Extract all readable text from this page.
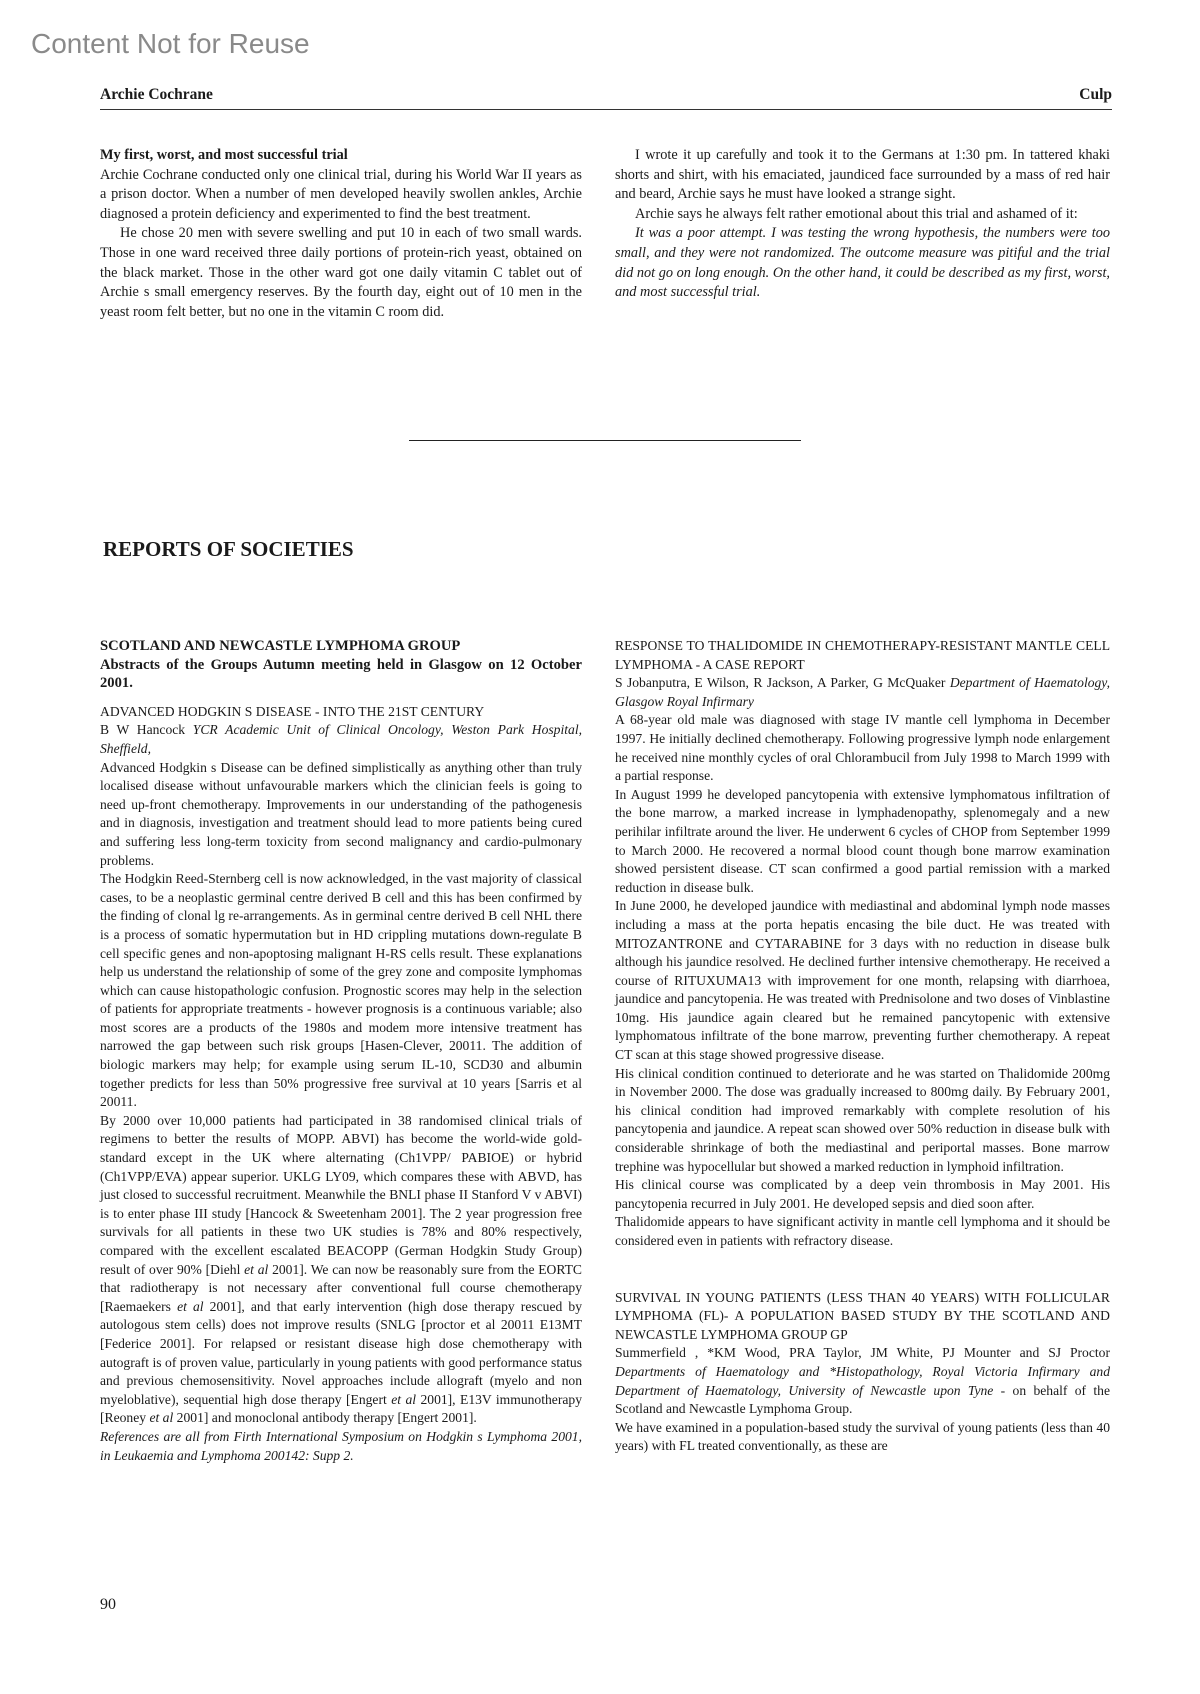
Content Not for Reuse
Archie Cochrane	Culp

My first, worst, and most successful trial

Archie Cochrane conducted only one clinical trial, during his World War II years as a prison doctor. When a number of men developed heavily swollen ankles, Archie diagnosed a protein deficiency and experimented to find the best treatment.

He chose 20 men with severe swelling and put 10 in each of two small wards. Those in one ward received three daily portions of protein-rich yeast, obtained on the black market. Those in the other ward got one daily vitamin C tablet out of Archie s small emergency reserves. By the fourth day, eight out of 10 men in the yeast room felt better, but no one in the vitamin C room did.

I wrote it up carefully and took it to the Germans at 1:30 pm. In tattered khaki shorts and shirt, with his emaciated, jaundiced face surrounded by a mass of red hair and beard, Archie says he must have looked a strange sight.

Archie says he always felt rather emotional about this trial and ashamed of it:

It was a poor attempt. I was testing the wrong hypothesis, the numbers were too small, and they were not randomized. The outcome measure was pitiful and the trial did not go on long enough. On the other hand, it could be described as my first, worst, and most successful trial.

REPORTS OF SOCIETIES

SCOTLAND AND NEWCASTLE LYMPHOMA GROUP

Abstracts of the Groups Autumn meeting held in Glasgow on 12 October 2001.

ADVANCED HODGKIN S DISEASE - INTO THE 21ST CENTURY

B W Hancock YCR Academic Unit of Clinical Oncology, Weston Park Hospital, Sheffield,

Advanced Hodgkin s Disease can be defined simplistically as anything other than truly localised disease without unfavourable markers which the clinician feels is going to need up-front chemotherapy. Improvements in our understanding of the pathogenesis and in diagnosis, investigation and treatment should lead to more patients being cured and suffering less long-term toxicity from second malignancy and cardio-pulmonary problems.

The Hodgkin Reed-Sternberg cell is now acknowledged, in the vast majority of classical cases, to be a neoplastic germinal centre derived B cell and this has been confirmed by the finding of clonal lg re-arrangements. As in germinal centre derived B cell NHL there is a process of somatic hypermutation but in HD crippling mutations down-regulate B cell specific genes and non-apoptosing malignant H-RS cells result. These explanations help us understand the relationship of some of the grey zone and composite lymphomas which can cause histopathologic confusion. Prognostic scores may help in the selection of patients for appropriate treatments - however prognosis is a continuous variable; also most scores are a products of the 1980s and modem more intensive treatment has narrowed the gap between such risk groups [Hasen-Clever, 20011. The addition of biologic markers may help; for example using serum IL-10, SCD30 and albumin together predicts for less than 50% progressive free survival at 10 years [Sarris et al 20011.

By 2000 over 10,000 patients had participated in 38 randomised clinical trials of regimens to better the results of MOPP. ABVI) has become the world-wide gold-standard except in the UK where alternating (Ch1VPP/ PABIOE) or hybrid (Ch1VPP/EVA) appear superior. UKLG LY09, which compares these with ABVD, has just closed to successful recruitment. Meanwhile the BNLI phase II Stanford V v ABVI) is to enter phase III study [Hancock & Sweetenham 2001]. The 2 year progression free survivals for all patients in these two UK studies is 78% and 80% respectively, compared with the excellent escalated BEACOPP (German Hodgkin Study Group) result of over 90% [Diehl et al 2001]. We can now be reasonably sure from the EORTC that radiotherapy is not necessary after conventional full course chemotherapy [Raemaekers et al 2001], and that early intervention (high dose therapy rescued by autologous stem cells) does not improve results (SNLG [proctor et al 20011 E13MT [Federice 2001]. For relapsed or resistant disease high dose chemotherapy with autograft is of proven value, particularly in young patients with good performance status and previous chemosensitivity. Novel approaches include allograft (myelo and non myeloblative), sequential high dose therapy [Engert et al 2001], E13V immunotherapy [Reoney et al 2001] and monoclonal antibody therapy [Engert 2001].

References are all from Firth International Symposium on Hodgkin s Lymphoma 2001, in Leukaemia and Lymphoma 200142: Supp 2.

RESPONSE TO THALIDOMIDE IN CHEMOTHERAPY-RESISTANT MANTLE CELL LYMPHOMA - A CASE REPORT

S Jobanputra, E Wilson, R Jackson, A Parker, G McQuaker Department of Haematology, Glasgow Royal Infirmary

A 68-year old male was diagnosed with stage IV mantle cell lymphoma in December 1997. He initially declined chemotherapy. Following progressive lymph node enlargement he received nine monthly cycles of oral Chlorambucil from July 1998 to March 1999 with a partial response.

In August 1999 he developed pancytopenia with extensive lymphomatous infiltration of the bone marrow, a marked increase in lymphadenopathy, splenomegaly and a new perihilar infiltrate around the liver. He underwent 6 cycles of CHOP from September 1999 to March 2000. He recovered a normal blood count though bone marrow examination showed persistent disease. CT scan confirmed a good partial remission with a marked reduction in disease bulk.

In June 2000, he developed jaundice with mediastinal and abdominal lymph node masses including a mass at the porta hepatis encasing the bile duct. He was treated with MITOZANTRONE and CYTARABINE for 3 days with no reduction in disease bulk although his jaundice resolved. He declined further intensive chemotherapy. He received a course of RITUXUMA13 with improvement for one month, relapsing with diarrhoea, jaundice and pancytopenia. He was treated with Prednisolone and two doses of Vinblastine 10mg. His jaundice again cleared but he remained pancytopenic with extensive lymphomatous infiltrate of the bone marrow, preventing further chemotherapy. A repeat CT scan at this stage showed progressive disease.

His clinical condition continued to deteriorate and he was started on Thalidomide 200mg in November 2000. The dose was gradually increased to 800mg daily. By February 2001, his clinical condition had improved remarkably with complete resolution of his pancytopenia and jaundice. A repeat scan showed over 50% reduction in disease bulk with considerable shrinkage of both the mediastinal and periportal masses. Bone marrow trephine was hypocellular but showed a marked reduction in lymphoid infiltration.

His clinical course was complicated by a deep vein thrombosis in May 2001. His pancytopenia recurred in July 2001. He developed sepsis and died soon after.

Thalidomide appears to have significant activity in mantle cell lymphoma and it should be considered even in patients with refractory disease.

SURVIVAL IN YOUNG PATIENTS (LESS THAN 40 YEARS) WITH FOLLICULAR LYMPHOMA (FL)- A POPULATION BASED STUDY BY THE SCOTLAND AND NEWCASTLE LYMPHOMA GROUP GP

Summerfield , *KM Wood, PRA Taylor, JM White, PJ Mounter and SJ Proctor Departments of Haematology and *Histopathology, Royal Victoria Infirmary and Department of Haematology, University of Newcastle upon Tyne - on behalf of the Scotland and Newcastle Lymphoma Group.

We have examined in a population-based study the survival of young patients (less than 40 years) with FL treated conventionally, as these are

90
